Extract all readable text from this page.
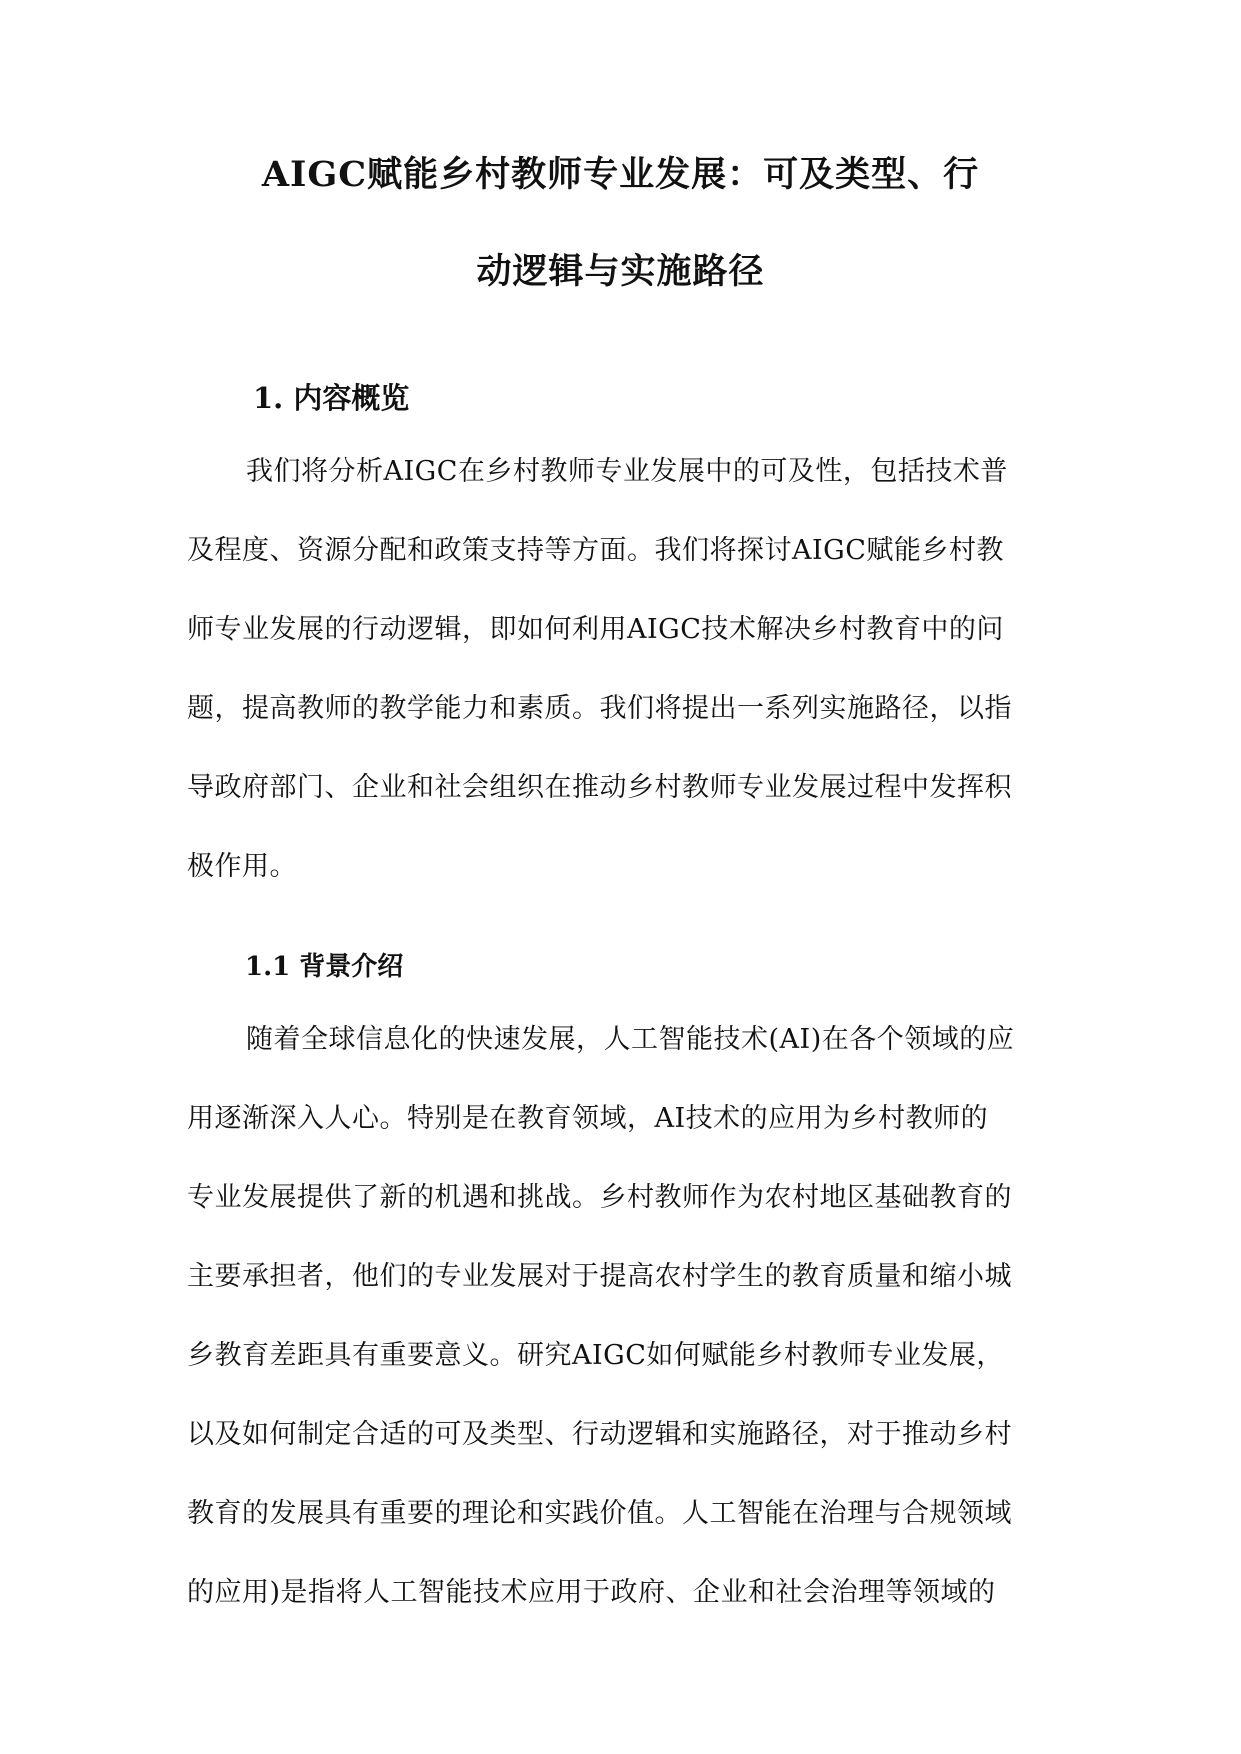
AIGC赋能乡村教师专业发展：可及类型、行
动逻辑与实施路径
1. 内容概览
我们将分析AIGC在乡村教师专业发展中的可及性，包括技术普
及程度、资源分配和政策支持等方面。我们将探讨AIGC赋能乡村教
师专业发展的行动逻辑，即如何利用AIGC技术解决乡村教育中的问
题，提高教师的教学能力和素质。我们将提出一系列实施路径，以指
导政府部门、企业和社会组织在推动乡村教师专业发展过程中发挥积
极作用。
1.1 背景介绍
随着全球信息化的快速发展，人工智能技术(AI)在各个领域的应
用逐渐深入人心。特别是在教育领域，AI技术的应用为乡村教师的
专业发展提供了新的机遇和挑战。乡村教师作为农村地区基础教育的
主要承担者，他们的专业发展对于提高农村学生的教育质量和缩小城
乡教育差距具有重要意义。研究AIGC如何赋能乡村教师专业发展，
以及如何制定合适的可及类型、行动逻辑和实施路径，对于推动乡村
教育的发展具有重要的理论和实践价值。人工智能在治理与合规领域
的应用)是指将人工智能技术应用于政府、企业和社会治理等领域的
